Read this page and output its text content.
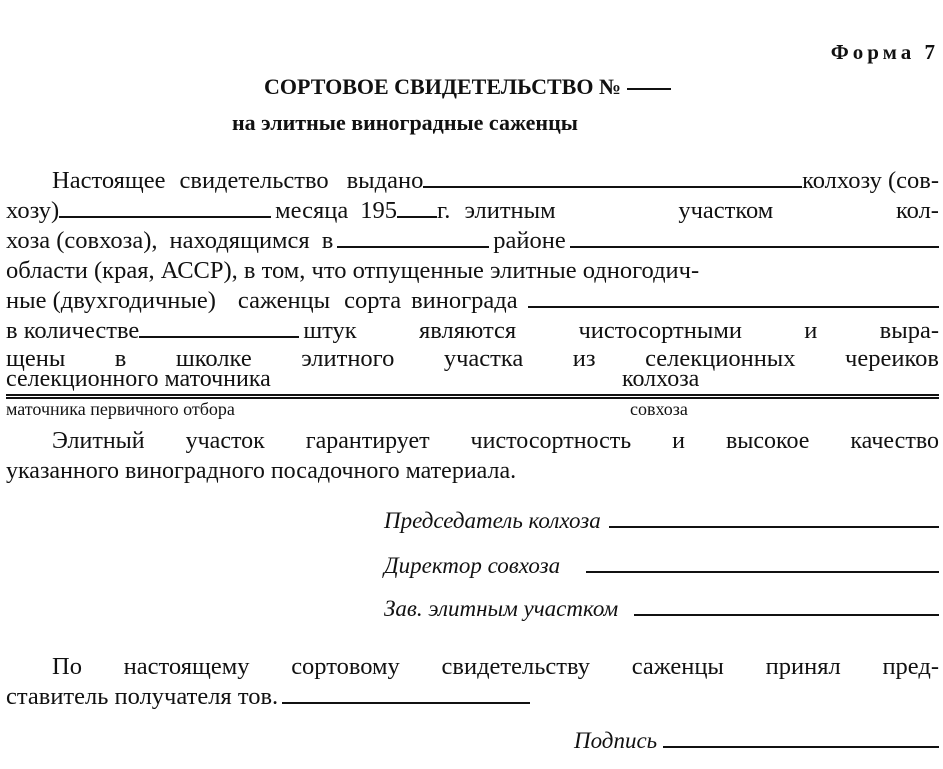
Форма 7
СОРТОВОЕ СВИДЕТЕЛЬСТВО №
на элитные виноградные саженцы
Настоящее свидетельство выдано	колхозу (сов-
хозу)	месяца 195 г. элитным	участком	кол-
хоза (совхоза), находящимся в	районе
области (края, АССР), в том, что отпущенные элитные одногодич-
ные (двухгодичные) саженцы сорта винограда
в количестве	штук	являются	чистосортными	и	выра-
щены в школке элитного участка из селекционных череиков
селекционного маточника	колхоза
маточника первичного отбора	совхоза
Элитный участок гарантирует чистосортность и высокое качество
указанного виноградного посадочного материала.
Председатель колхоза
Директор совхоза
Зав. элитным участком
По настоящему сортовому свидетельству саженцы принял пред-
ставитель получателя тов.
Подпись
